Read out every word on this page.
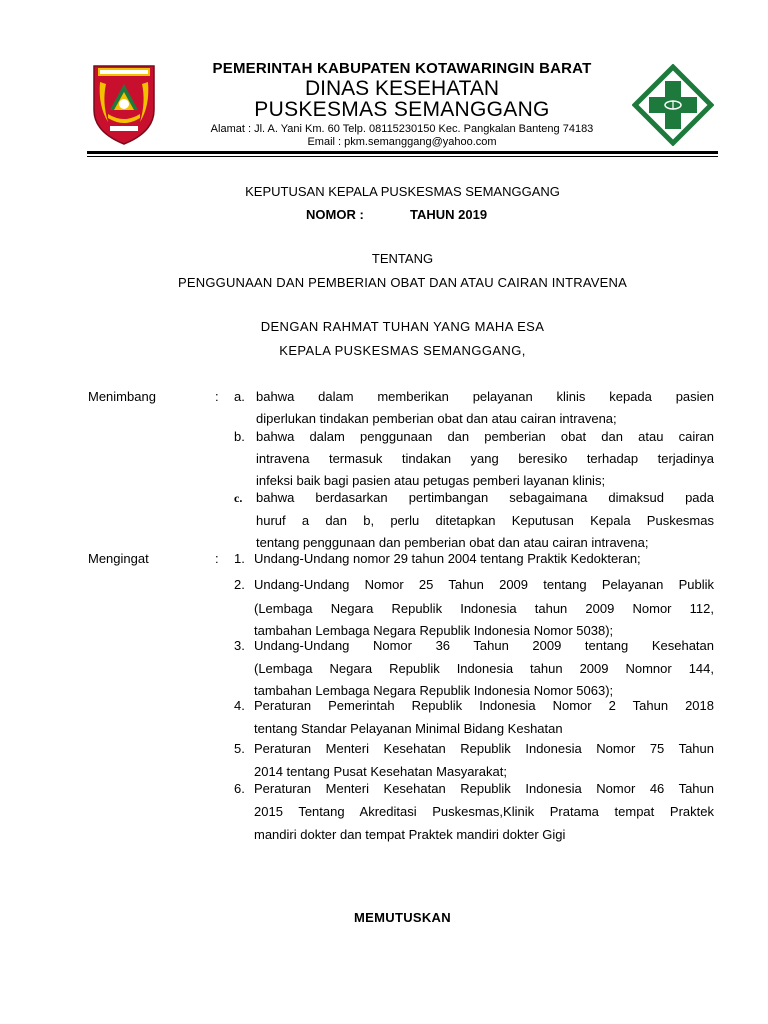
PEMERINTAH KABUPATEN KOTAWARINGIN BARAT
DINAS KESEHATAN
PUSKESMAS SEMANGGANG
Alamat : Jl. A. Yani Km. 60 Telp. 08115230150 Kec. Pangkalan Banteng 74183
Email : pkm.semanggang@yahoo.com
KEPUTUSAN KEPALA PUSKESMAS SEMANGGANG
NOMOR :	TAHUN 2019
TENTANG
PENGGUNAAN DAN PEMBERIAN OBAT DAN ATAU CAIRAN INTRAVENA
DENGAN RAHMAT TUHAN YANG MAHA ESA
KEPALA PUSKESMAS SEMANGGANG,
Menimbang	: a. bahwa dalam memberikan pelayanan klinis kepada pasien
diperlukan tindakan pemberian obat dan atau cairan intravena;
b. bahwa dalam penggunaan dan pemberian obat dan atau cairan
intravena termasuk tindakan yang beresiko terhadap terjadinya
infeksi baik bagi pasien atau petugas pemberi layanan klinis;
c. bahwa berdasarkan pertimbangan sebagaimana dimaksud pada
huruf a dan b, perlu ditetapkan Keputusan Kepala Puskesmas
tentang penggunaan dan pemberian obat dan atau cairan intravena;
Mengingat	: 1. Undang-Undang nomor 29 tahun 2004 tentang Praktik Kedokteran;
2. Undang-Undang Nomor 25 Tahun 2009 tentang Pelayanan Publik
(Lembaga Negara Republik Indonesia tahun 2009 Nomor 112,
tambahan Lembaga Negara Republik Indonesia Nomor 5038);
3. Undang-Undang Nomor 36 Tahun 2009 tentang Kesehatan
(Lembaga Negara Republik Indonesia tahun 2009 Nomnor 144,
tambahan Lembaga Negara Republik Indonesia Nomor 5063);
4. Peraturan Pemerintah Republik Indonesia Nomor 2 Tahun 2018
tentang Standar Pelayanan Minimal Bidang Keshatan
5. Peraturan Menteri Kesehatan Republik Indonesia Nomor 75 Tahun
2014 tentang Pusat Kesehatan Masyarakat;
6. Peraturan Menteri Kesehatan Republik Indonesia Nomor 46 Tahun
2015 Tentang Akreditasi Puskesmas,Klinik Pratama tempat Praktek
mandiri dokter dan tempat Praktek mandiri dokter Gigi
MEMUTUSKAN
